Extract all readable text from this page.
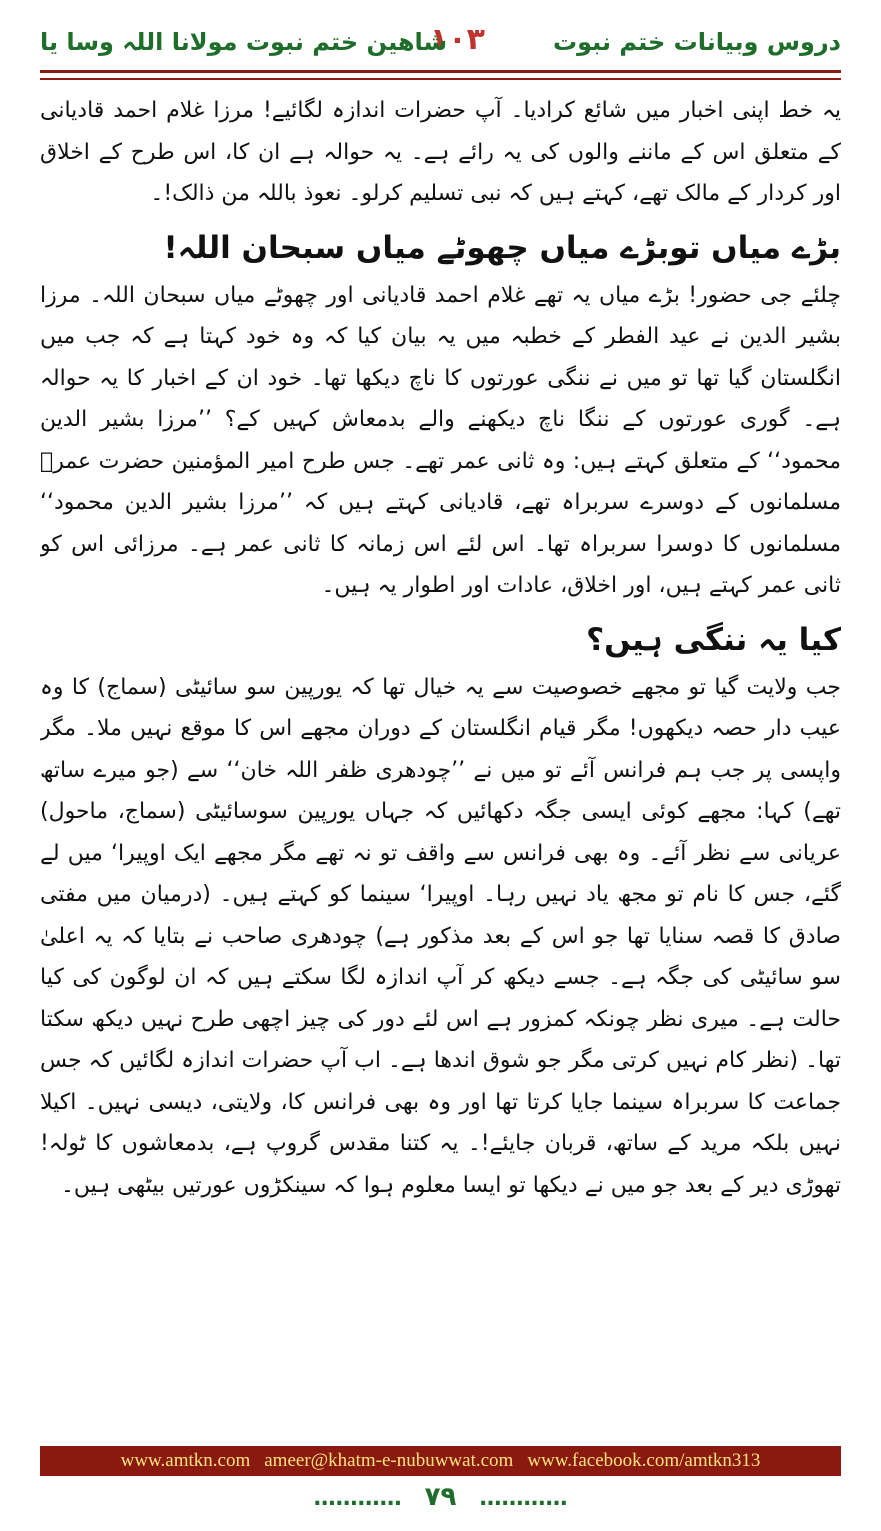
دروس وبیانات ختم نبوت
۱۰۳
شاھین ختم نبوت مولانا اللہ وسا یا

یہ خط اپنی اخبار میں شائع کرادیا۔ آپ حضرات اندازہ لگائیے! مرزا غلام احمد قادیانی کے متعلق اس کے ماننے والوں کی یہ رائے ہے۔ یہ حوالہ ہے ان کا، اس طرح کے اخلاق اور کردار کے مالک تھے، کہتے ہیں کہ نبی تسلیم کرلو۔ نعوذ باللہ من ذالک!۔

بڑے میاں توبڑے میاں چھوٹے میاں سبحان اللہ!

چلئے جی حضور! بڑے میاں یہ تھے غلام احمد قادیانی اور چھوٹے میاں سبحان اللہ۔ مرزا بشیر الدین نے عید الفطر کے خطبہ میں یہ بیان کیا کہ وہ خود کہتا ہے کہ جب میں انگلستان گیا تھا تو میں نے ننگی عورتوں کا ناچ دیکھا تھا۔ خود ان کے اخبار کا یہ حوالہ ہے۔ گوری عورتوں کے ننگا ناچ دیکھنے والے بدمعاش کہیں کے؟ ’’مرزا بشیر الدین محمود‘‘ کے متعلق کہتے ہیں: وہ ثانی عمر تھے۔ جس طرح امیر المؤمنین حضرت عمرؓ مسلمانوں کے دوسرے سربراہ تھے، قادیانی کہتے ہیں کہ ’’مرزا بشیر الدین محمود‘‘ مسلمانوں کا دوسرا سربراہ تھا۔ اس لئے اس زمانہ کا ثانی عمر ہے۔ مرزائی اس کو ثانی عمر کہتے ہیں، اور اخلاق، عادات اور اطوار یہ ہیں۔

کیا یہ ننگی ہیں؟

جب ولایت گیا تو مجھے خصوصیت سے یہ خیال تھا کہ یورپین سو سائیٹی (سماج) کا وہ عیب دار حصہ دیکھوں! مگر قیام انگلستان کے دوران مجھے اس کا موقع نہیں ملا۔ مگر واپسی پر جب ہم فرانس آئے تو میں نے ’’چودھری ظفر اللہ خان‘‘ سے (جو میرے ساتھ تھے) کہا: مجھے کوئی ایسی جگہ دکھائیں کہ جہاں یورپین سوسائیٹی (سماج، ماحول) عریانی سے نظر آئے۔ وہ بھی فرانس سے واقف تو نہ تھے مگر مجھے ایک اوپیرا‘ میں لے گئے، جس کا نام تو مجھ یاد نہیں رہا۔ اوپیرا‘ سینما کو کہتے ہیں۔ (درمیان میں مفتی صادق کا قصہ سنایا تھا جو اس کے بعد مذکور ہے) چودھری صاحب نے بتایا کہ یہ اعلیٰ سو سائیٹی کی جگہ ہے۔ جسے دیکھ کر آپ اندازہ لگا سکتے ہیں کہ ان لوگون کی کیا حالت ہے۔ میری نظر چونکہ کمزور ہے اس لئے دور کی چیز اچھی طرح نہیں دیکھ سکتا تھا۔ (نظر کام نہیں کرتی مگر جو شوق اندھا ہے۔ اب آپ حضرات اندازہ لگائیں کہ جس جماعت کا سربراہ سینما جایا کرتا تھا اور وہ بھی فرانس کا، ولایتی، دیسی نہیں۔ اکیلا نہیں بلکہ مرید کے ساتھ، قربان جایئے!۔ یہ کتنا مقدس گروپ ہے، بدمعاشوں کا ٹولہ! تھوڑی دیر کے بعد جو میں نے دیکھا تو ایسا معلوم ہوا کہ سینکڑوں عورتیں بیٹھی ہیں۔

www.amtkn.com ameer@khatm-e-nubuwwat.com www.facebook.com/amtkn313
………… ۷۹ …………
